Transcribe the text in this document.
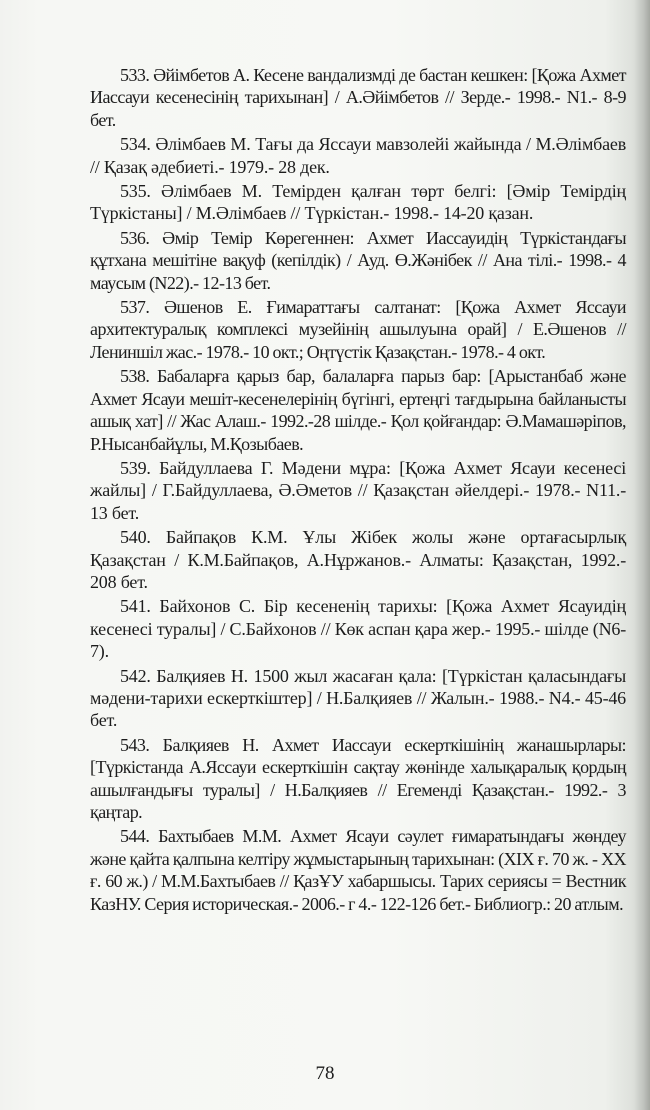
533. Әйімбетов А. Кесене вандализмді де бастан кешкен: [Қожа Ахмет Иассауи кесенесінің тарихынан] / А.Әйімбетов // Зерде.- 1998.- N1.- 8-9 бет.

534. Әлімбаев М. Тағы да Яссауи мавзолейі жайында / М.Әлімбаев // Қазақ әдебиеті.- 1979.- 28 дек.

535. Әлімбаев М. Темірден қалған төрт белгі: [Әмір Темірдің Түркістаны] / М.Әлімбаев // Түркістан.- 1998.- 14-20 қазан.

536. Әмір Темір Көрегеннен: Ахмет Иассауидің Түркістандағы құтхана мешітіне вақуф (кепілдік) / Ауд. Ө.Жәнібек // Ана тілі.- 1998.- 4 маусым (N22).- 12-13 бет.

537. Әшенов Е. Ғимараттағы салтанат: [Қожа Ахмет Яссауи архитектуралық комплексі музейінің ашылуына орай] / Е.Әшенов // Лениншіл жас.- 1978.- 10 окт.; Оңтүстік Қазақстан.- 1978.- 4 окт.

538. Бабаларға қарыз бар, балаларға парыз бар: [Арыстанбаб және Ахмет Ясауи мешіт-кесенелерінің бүгінгі, ертеңгі тағдырына байланысты ашық хат] // Жас Алаш.- 1992.-28 шілде.- Қол қойғандар: Ә.Мамашәріпов, Р.Нысанбайұлы, М.Қозыбаев.

539. Байдуллаева Г. Мәдени мұра: [Қожа Ахмет Ясауи кесенесі жайлы] / Г.Байдуллаева, Ә.Әметов // Қазақстан әйелдері.- 1978.- N11.- 13 бет.

540. Байпақов К.М. Ұлы Жібек жолы және ортағасырлық Қазақстан / К.М.Байпақов, А.Нұржанов.- Алматы: Қазақстан, 1992.- 208 бет.

541. Байхонов С. Бір кесененің тарихы: [Қожа Ахмет Ясауидің кесенесі туралы] / С.Байхонов // Көк аспан қара жер.- 1995.- шілде (N6-7).

542. Балқияев Н. 1500 жыл жасаған қала: [Түркістан қаласындағы мәдени-тарихи ескерткіштер] / Н.Балқияев // Жалын.- 1988.- N4.- 45-46 бет.

543. Балқияев Н. Ахмет Иассауи ескерткішінің жанашырлары: [Түркістанда А.Яссауи ескерткішін сақтау жөнінде халықаралық қордың ашылғандығы туралы] / Н.Балқияев // Егеменді Қазақстан.- 1992.- 3 қаңтар.

544. Бахтыбаев М.М. Ахмет Ясауи сәулет ғимаратындағы жөндеу және қайта қалпына келтіру жұмыстарының тарихынан: (XIX ғ. 70 ж. - XX ғ. 60 ж.) / М.М.Бахтыбаев // ҚазҰУ хабаршысы. Тарих сериясы = Вестник КазНУ. Серия историческая.- 2006.- г 4.- 122-126 бет.- Библиогр.: 20 атлым.

78
